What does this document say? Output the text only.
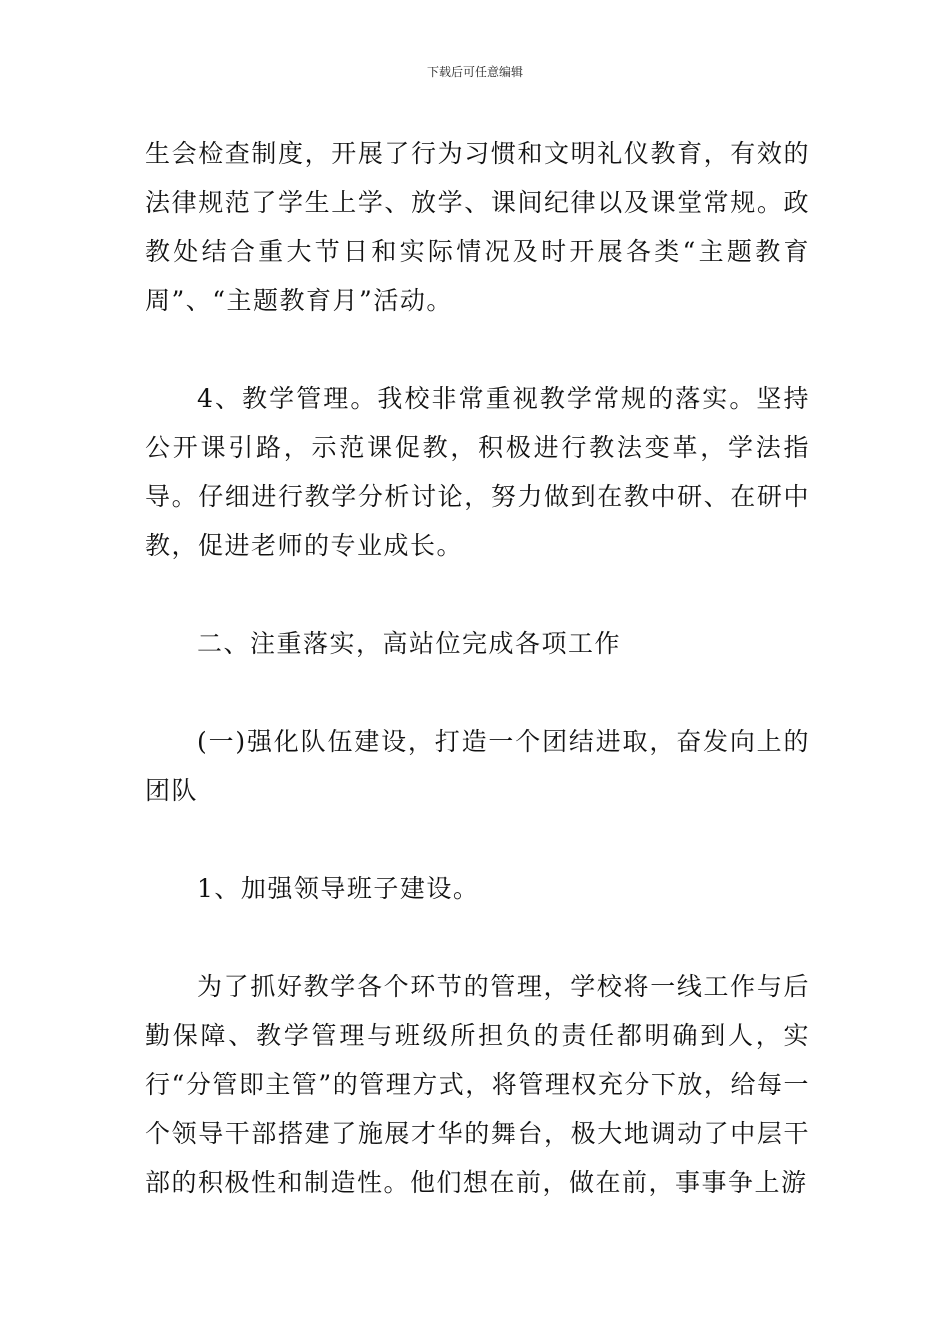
下载后可任意编辑

生会检查制度，开展了行为习惯和文明礼仪教育，有效的法律规范了学生上学、放学、课间纪律以及课堂常规。政教处结合重大节日和实际情况及时开展各类“主题教育周”、“主题教育月”活动。

4、教学管理。我校非常重视教学常规的落实。坚持公开课引路，示范课促教，积极进行教法变革，学法指导。仔细进行教学分析讨论，努力做到在教中研、在研中教，促进老师的专业成长。

二、注重落实，高站位完成各项工作

(一)强化队伍建设，打造一个团结进取，奋发向上的团队

1、加强领导班子建设。

为了抓好教学各个环节的管理，学校将一线工作与后勤保障、教学管理与班级所担负的责任都明确到人，实行“分管即主管”的管理方式，将管理权充分下放，给每一个领导干部搭建了施展才华的舞台，极大地调动了中层干部的积极性和制造性。他们想在前，做在前，事事争上游
